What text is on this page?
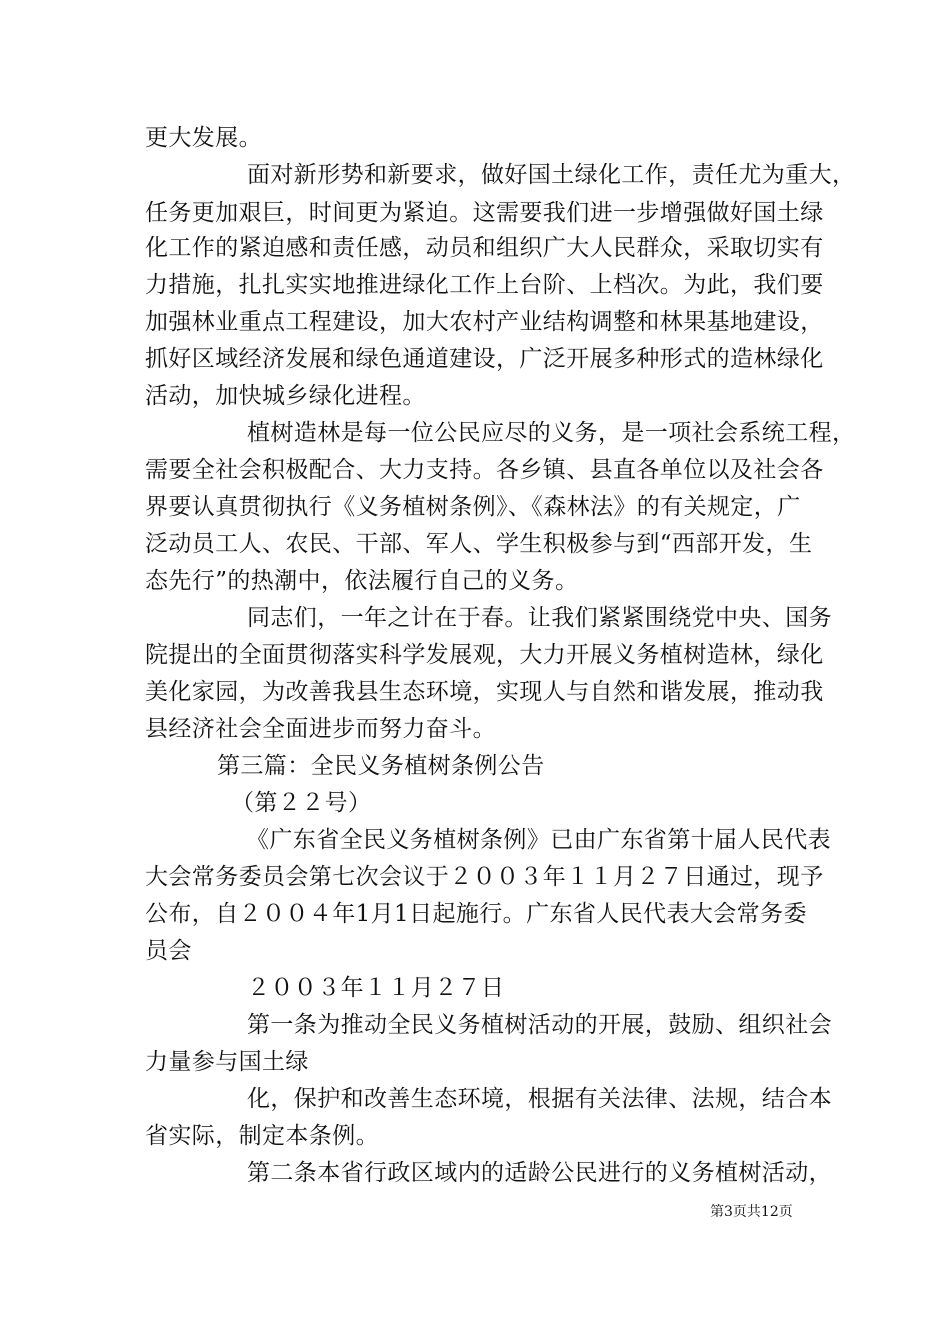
更大发展。
面对新形势和新要求，做好国土绿化工作，责任尤为重大，
任务更加艰巨，时间更为紧迫。这需要我们进一步增强做好国土绿
化工作的紧迫感和责任感，动员和组织广大人民群众，采取切实有
力措施，扎扎实实地推进绿化工作上台阶、上档次。为此，我们要
加强林业重点工程建设，加大农村产业结构调整和林果基地建设，
抓好区域经济发展和绿色通道建设，广泛开展多种形式的造林绿化
活动，加快城乡绿化进程。
植树造林是每一位公民应尽的义务，是一项社会系统工程，
需要全社会积极配合、大力支持。各乡镇、县直各单位以及社会各
界要认真贯彻执行《义务植树条例》、《森林法》的有关规定，广
泛动员工人、农民、干部、军人、学生积极参与到“西部开发，生
态先行”的热潮中，依法履行自己的义务。
同志们，一年之计在于春。让我们紧紧围绕党中央、国务
院提出的全面贯彻落实科学发展观，大力开展义务植树造林，绿化
美化家园，为改善我县生态环境，实现人与自然和谐发展，推动我
县经济社会全面进步而努力奋斗。
第三篇：全民义务植树条例公告
（第２２号）
《广东省全民义务植树条例》已由广东省第十届人民代表
大会常务委员会第七次会议于２００３年１１月２７日通过，现予
公布，自２００４年1月1日起施行。广东省人民代表大会常务委
员会
２００３年１１月２７日
第一条为推动全民义务植树活动的开展，鼓励、组织社会
力量参与国土绿
化，保护和改善生态环境，根据有关法律、法规，结合本
省实际，制定本条例。
第二条本省行政区域内的适龄公民进行的义务植树活动，
第3页共12页
